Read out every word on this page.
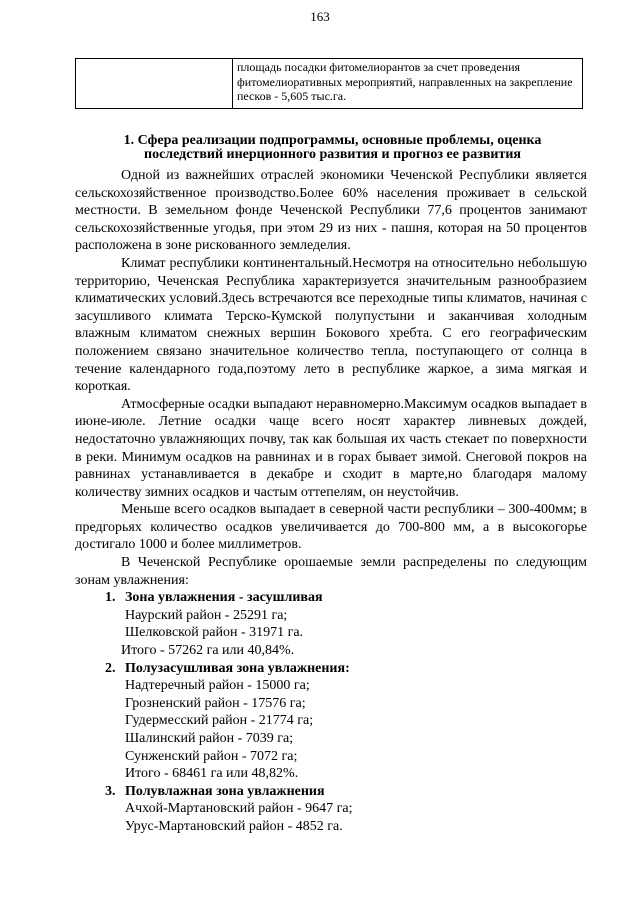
163
	площадь посадки фитомелиорантов за счет проведения фитомелиоративных мероприятий, направленных на закрепление песков - 5,605 тыс.га.
1. Сфера реализации подпрограммы, основные проблемы, оценка
последствий инерционного развития и прогноз ее развития

Одной из важнейших отраслей экономики Чеченской Республики является сельскохозяйственное производство.Более 60% населения проживает в сельской местности. В земельном фонде Чеченской Республики 77,6 процентов занимают сельскохозяйственные угодья, при этом 29 из них - пашня, которая на 50 процентов расположена в зоне рискованного земледелия.

Климат республики континентальный.Несмотря на относительно небольшую территорию, Чеченская Республика характеризуется значительным разнообразием климатических условий.Здесь встречаются все переходные типы климатов, начиная с засушливого климата Терско-Кумской полупустыни и заканчивая холодным влажным климатом снежных вершин Бокового хребта. С его географическим положением связано значительное количество тепла, поступающего от солнца в течение календарного года,поэтому лето в республике жаркое, а зима мягкая и короткая.

Атмосферные осадки выпадают неравномерно.Максимум осадков выпадает в июне-июле. Летние осадки чаще всего носят характер ливневых дождей, недостаточно увлажняющих почву, так как большая их часть стекает по поверхности в реки. Минимум осадков на равнинах и в горах бывает зимой. Снеговой покров на равнинах устанавливается в декабре и сходит в марте,но благодаря малому количеству зимних осадков и частым оттепелям, он неустойчив.

Меньше всего осадков выпадает в северной части республики – 300-400мм; в предгорьях количество осадков увеличивается до 700-800 мм, а в высокогорье достигало 1000 и более миллиметров.

В Чеченской Республике орошаемые земли распределены по следующим зонам увлажнения:

1. Зона увлажнения - засушливая

Наурский район - 25291 га;

Шелковской район - 31971 га.

Итого - 57262 га или 40,84%.

2. Полузасушливая зона увлажнения:

Надтеречный район - 15000 га;

Грозненский район - 17576 га;

Гудермесский район - 21774 га;

Шалинский район - 7039 га;

Сунженский район - 7072 га;

Итого - 68461 га или 48,82%.

3. Полувлажная зона увлажнения

Ачхой-Мартановский район - 9647 га;

Урус-Мартановский район - 4852 га.
